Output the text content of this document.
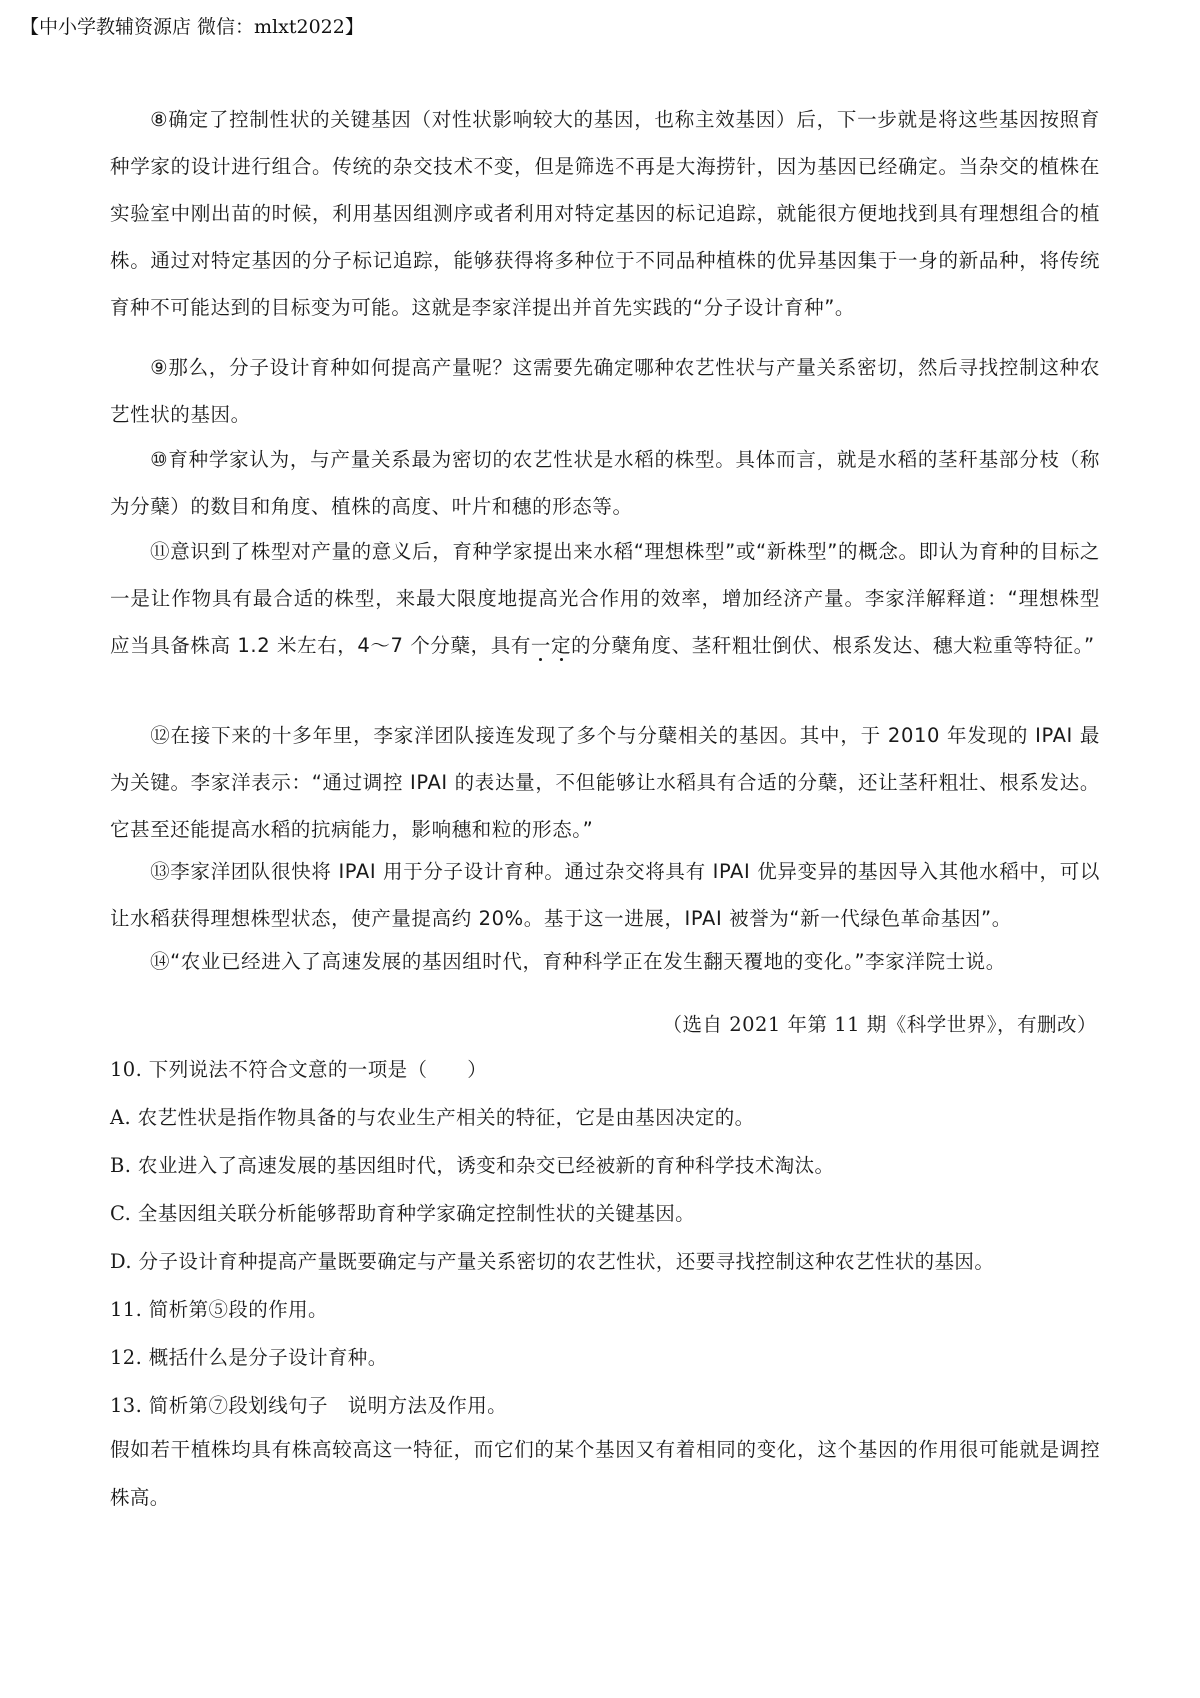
【中小学教辅资源店 微信：mlxt2022】

⑧确定了控制性状的关键基因（对性状影响较大的基因，也称主效基因）后，下一步就是将这些基因按照育种学家的设计进行组合。传统的杂交技术不变，但是筛选不再是大海捞针，因为基因已经确定。当杂交的植株在实验室中刚出苗的时候，利用基因组测序或者利用对特定基因的标记追踪，就能很方便地找到具有理想组合的植株。通过对特定基因的分子标记追踪，能够获得将多种位于不同品种植株的优异基因集于一身的新品种，将传统育种不可能达到的目标变为可能。这就是李家洋提出并首先实践的“分子设计育种”。

⑨那么，分子设计育种如何提高产量呢？这需要先确定哪种农艺性状与产量关系密切，然后寻找控制这种农艺性状的基因。

⑩育种学家认为，与产量关系最为密切的农艺性状是水稻的株型。具体而言，就是水稻的茎秆基部分枝（称为分蘖）的数目和角度、植株的高度、叶片和穗的形态等。

⑪意识到了株型对产量的意义后，育种学家提出来水稻“理想株型”或“新株型”的概念。即认为育种的目标之一是让作物具有最合适的株型，来最大限度地提高光合作用的效率，增加经济产量。李家洋解释道：“理想株型应当具备株高 1.2 米左右，4～7 个分蘖，具有一定的分蘖角度、茎秆粗壮倒伏、根系发达、穗大粒重等特征。”

⑫在接下来的十多年里，李家洋团队接连发现了多个与分蘖相关的基因。其中，于 2010 年发现的 IPAI 最为关键。李家洋表示：“通过调控 IPAI 的表达量，不但能够让水稻具有合适的分蘖，还让茎秆粗壮、根系发达。它甚至还能提高水稻的抗病能力，影响穗和粒的形态。”

⑬李家洋团队很快将 IPAI 用于分子设计育种。通过杂交将具有 IPAI 优异变异的基因导入其他水稻中，可以让水稻获得理想株型状态，使产量提高约 20%。基于这一进展，IPAI 被誉为“新一代绿色革命基因”。

⑭“农业已经进入了高速发展的基因组时代，育种科学正在发生翻天覆地的变化。”李家洋院士说。

（选自 2021 年第 11 期《科学世界》，有删改）

10. 下列说法不符合文意的一项是（　　）

A. 农艺性状是指作物具备的与农业生产相关的特征，它是由基因决定的。

B. 农业进入了高速发展的基因组时代，诱变和杂交已经被新的育种科学技术淘汰。

C. 全基因组关联分析能够帮助育种学家确定控制性状的关键基因。

D. 分子设计育种提高产量既要确定与产量关系密切的农艺性状，还要寻找控制这种农艺性状的基因。

11. 简析第⑤段的作用。

12. 概括什么是分子设计育种。

13. 简析第⑦段划线句子　说明方法及作用。

假如若干植株均具有株高较高这一特征，而它们的某个基因又有着相同的变化，这个基因的作用很可能就是调控株高。
